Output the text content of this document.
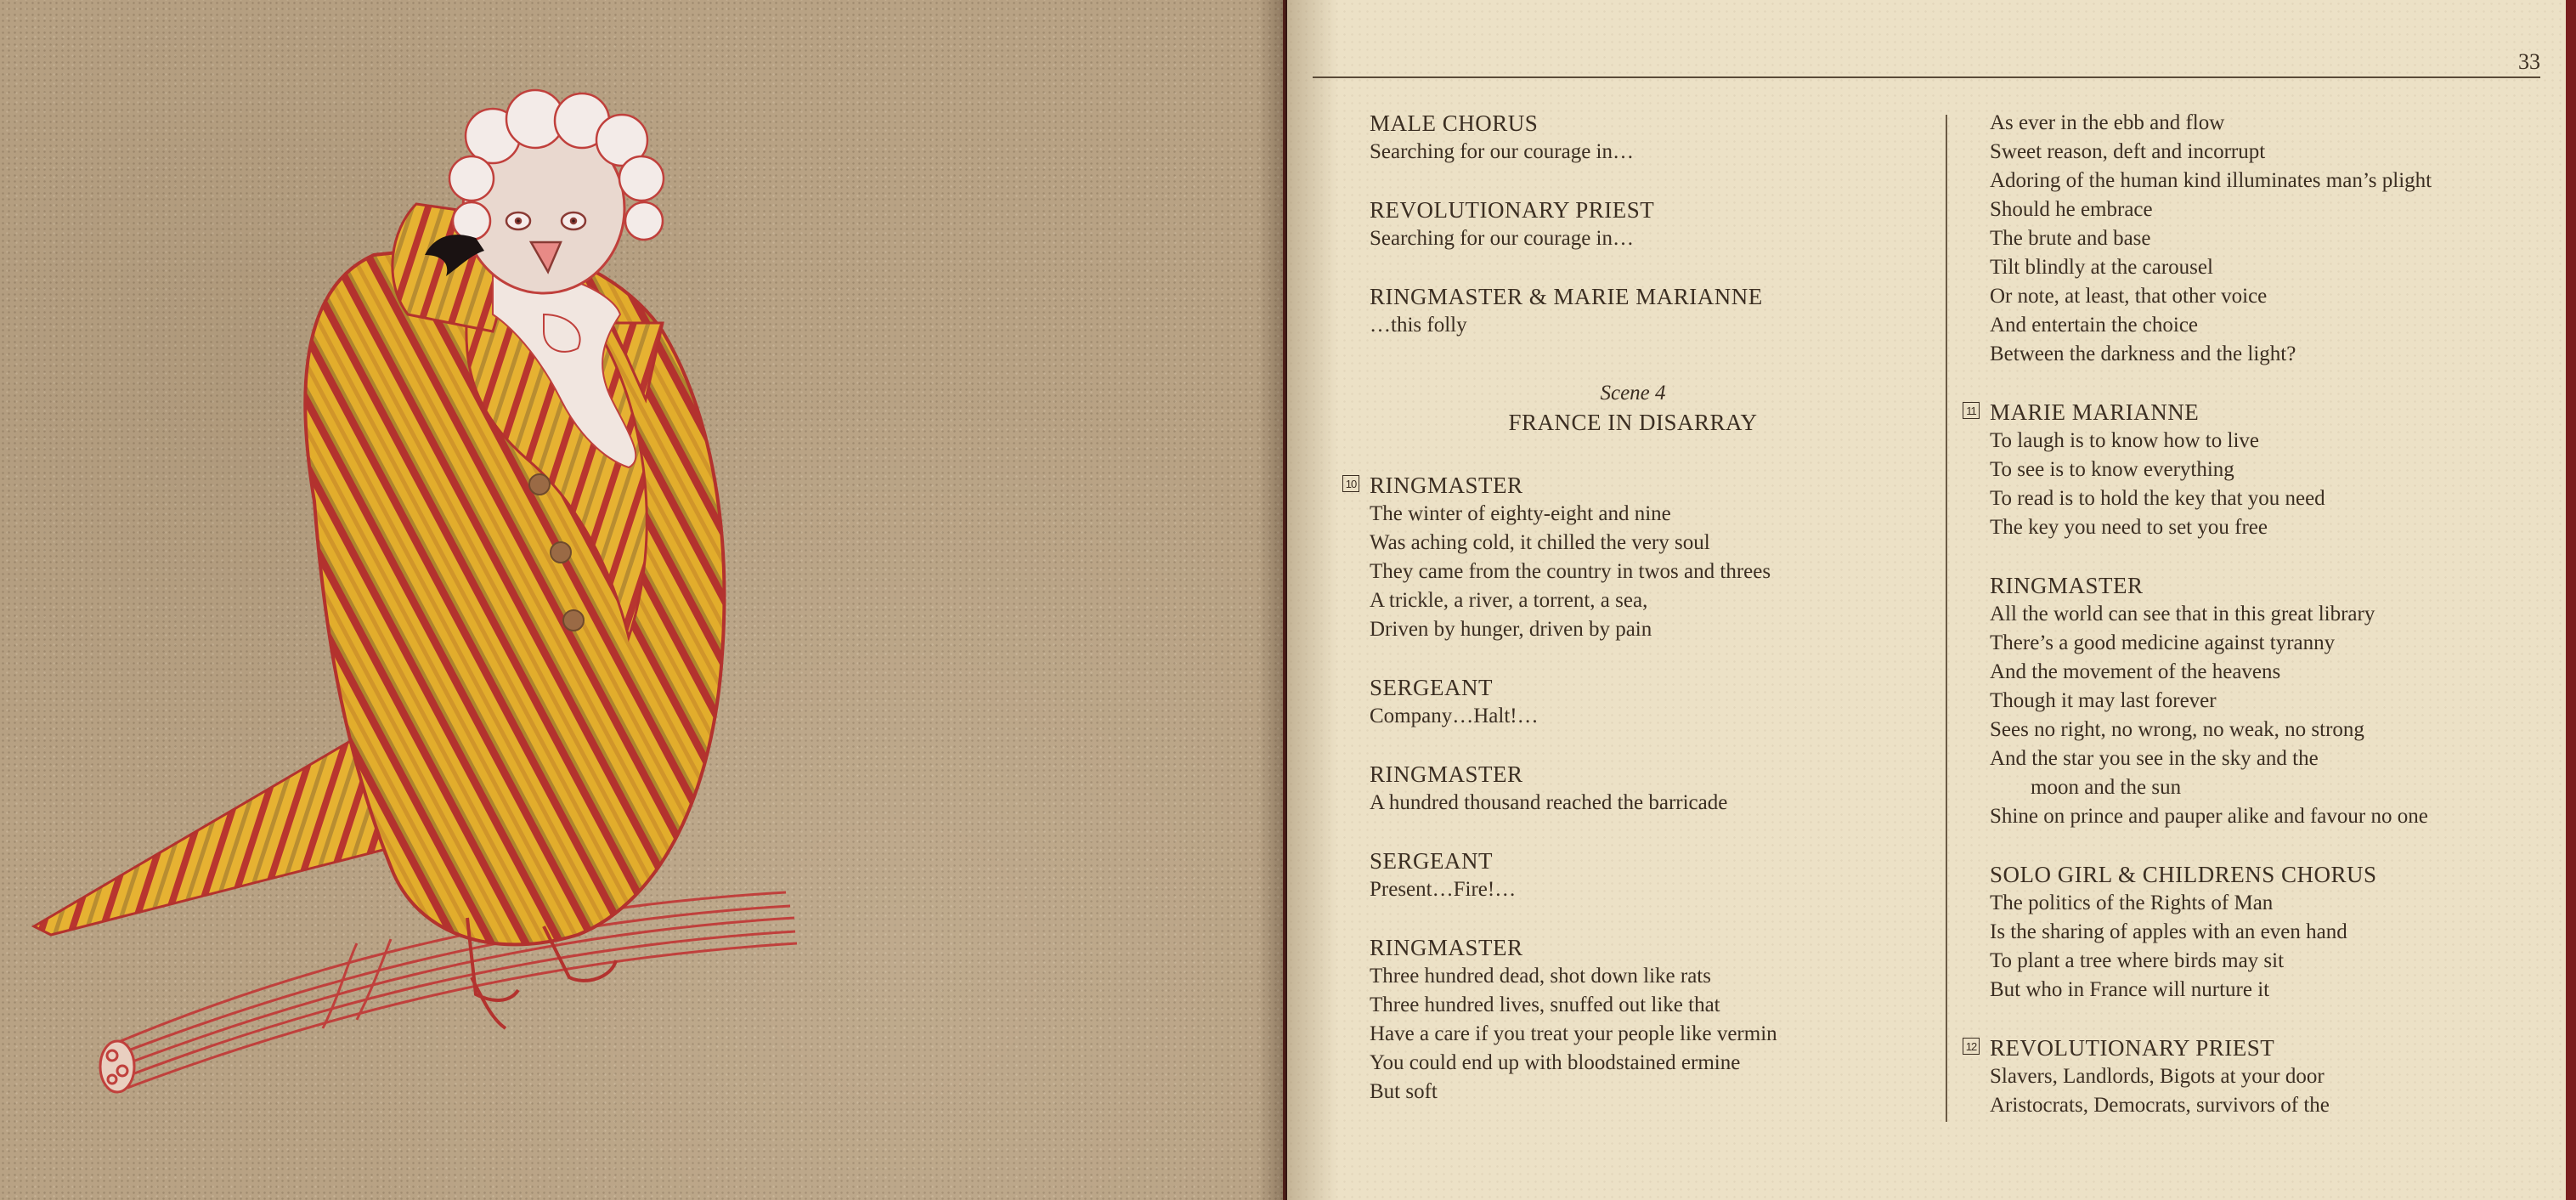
33
MALE CHORUS
Searching for our courage in…
REVOLUTIONARY PRIEST
Searching for our courage in…
RINGMASTER & MARIE MARIANNE
…this folly
Scene 4
FRANCE IN DISARRAY
10 RINGMASTER
The winter of eighty-eight and nine
Was aching cold, it chilled the very soul
They came from the country in twos and threes
A trickle, a river, a torrent, a sea,
Driven by hunger, driven by pain
SERGEANT
Company…Halt!…
RINGMASTER
A hundred thousand reached the barricade
SERGEANT
Present…Fire!…
RINGMASTER
Three hundred dead, shot down like rats
Three hundred lives, snuffed out like that
Have a care if you treat your people like vermin
You could end up with bloodstained ermine
But soft
As ever in the ebb and flow
Sweet reason, deft and incorrupt
Adoring of the human kind illuminates man’s plight
Should he embrace
The brute and base
Tilt blindly at the carousel
Or note, at least, that other voice
And entertain the choice
Between the darkness and the light?
11 MARIE MARIANNE
To laugh is to know how to live
To see is to know everything
To read is to hold the key that you need
The key you need to set you free
RINGMASTER
All the world can see that in this great library
There’s a good medicine against tyranny
And the movement of the heavens
Though it may last forever
Sees no right, no wrong, no weak, no strong
And the star you see in the sky and the
moon and the sun
Shine on prince and pauper alike and favour no one
SOLO GIRL & CHILDRENS CHORUS
The politics of the Rights of Man
Is the sharing of apples with an even hand
To plant a tree where birds may sit
But who in France will nurture it
12 REVOLUTIONARY PRIEST
Slavers, Landlords, Bigots at your door
Aristocrats, Democrats, survivors of the
